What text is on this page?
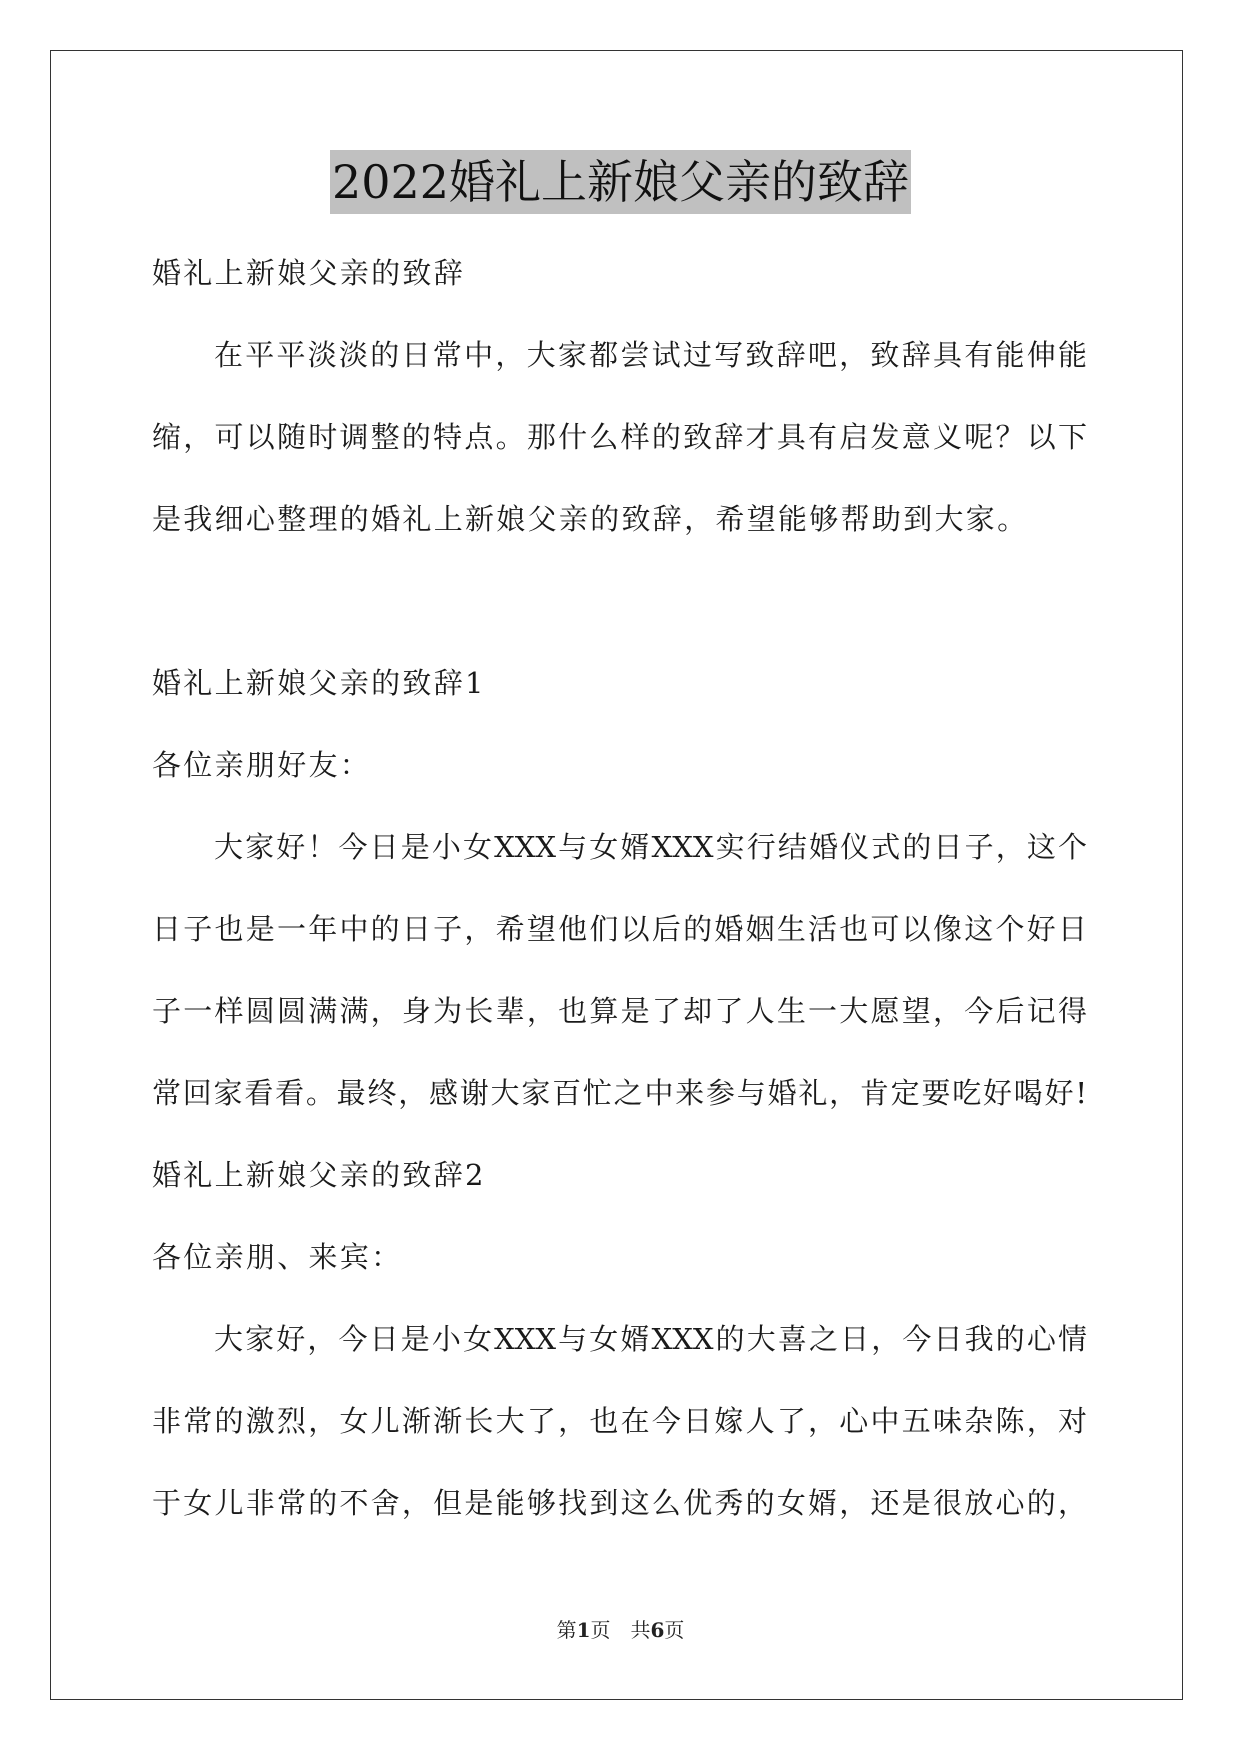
2022婚礼上新娘父亲的致辞
婚礼上新娘父亲的致辞
在平平淡淡的日常中，大家都尝试过写致辞吧，致辞具有能伸能
缩，可以随时调整的特点。那什么样的致辞才具有启发意义呢？以下
是我细心整理的婚礼上新娘父亲的致辞，希望能够帮助到大家。
婚礼上新娘父亲的致辞1
各位亲朋好友：
大家好！今日是小女XXX与女婿XXX实行结婚仪式的日子，这个
日子也是一年中的日子，希望他们以后的婚姻生活也可以像这个好日
子一样圆圆满满，身为长辈，也算是了却了人生一大愿望，今后记得
常回家看看。最终，感谢大家百忙之中来参与婚礼，肯定要吃好喝好!
婚礼上新娘父亲的致辞2
各位亲朋、来宾：
大家好，今日是小女XXX与女婿XXX的大喜之日，今日我的心情
非常的激烈，女儿渐渐长大了，也在今日嫁人了，心中五味杂陈，对
于女儿非常的不舍，但是能够找到这么优秀的女婿，还是很放心的，
第1页　共6页
